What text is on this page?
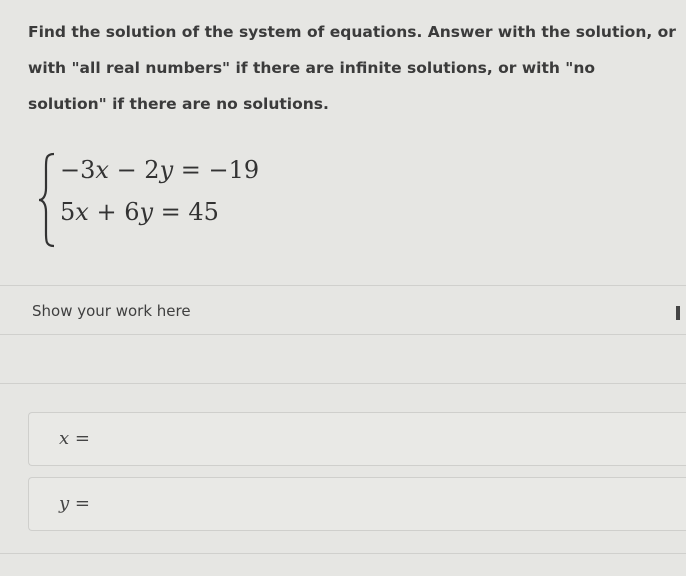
Find the solution of the system of equations. Answer with the solution, or with "all real numbers" if there are infinite solutions, or with "no solution" if there are no solutions.
−3x − 2y = −19
5x + 6y = 45
Show your work here
x =
y =
